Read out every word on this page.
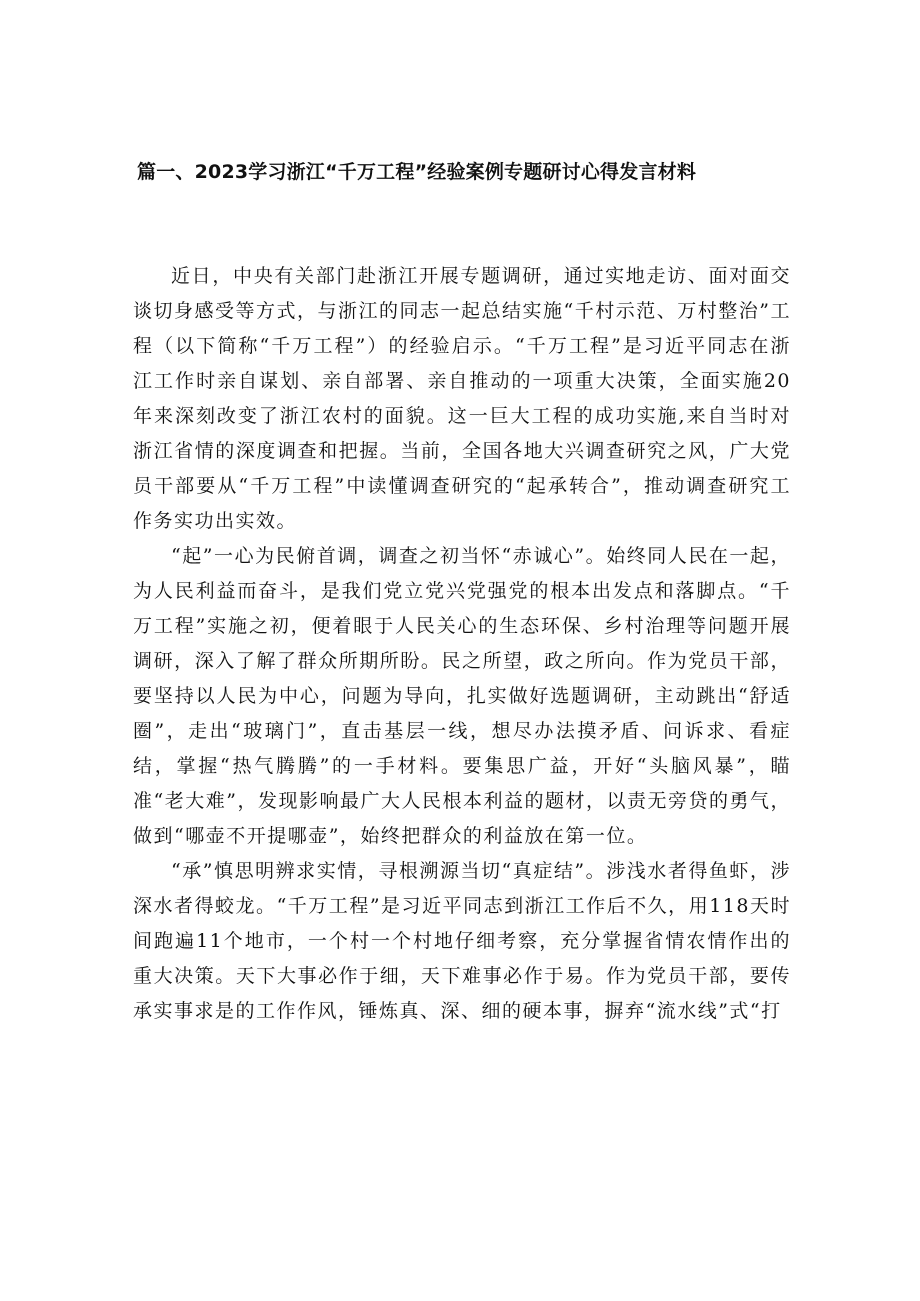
篇一、2023学习浙江“千万工程”经验案例专题研讨心得发言材料

近日，中央有关部门赴浙江开展专题调研，通过实地走访、面对面交谈切身感受等方式，与浙江的同志一起总结实施“千村示范、万村整治”工程（以下简称“千万工程”）的经验启示。“千万工程”是习近平同志在浙江工作时亲自谋划、亲自部署、亲自推动的一项重大决策，全面实施20年来深刻改变了浙江农村的面貌。这一巨大工程的成功实施,来自当时对浙江省情的深度调查和把握。当前，全国各地大兴调查研究之风，广大党员干部要从“千万工程”中读懂调查研究的“起承转合”，推动调查研究工作务实功出实效。

“起”一心为民俯首调，调查之初当怀“赤诚心”。始终同人民在一起，为人民利益而奋斗，是我们党立党兴党强党的根本出发点和落脚点。“千万工程”实施之初，便着眼于人民关心的生态环保、乡村治理等问题开展调研，深入了解了群众所期所盼。民之所望，政之所向。作为党员干部，要坚持以人民为中心，问题为导向，扎实做好选题调研，主动跳出“舒适圈”，走出“玻璃门”，直击基层一线，想尽办法摸矛盾、问诉求、看症结，掌握“热气腾腾”的一手材料。要集思广益，开好“头脑风暴”，瞄准“老大难”，发现影响最广大人民根本利益的题材，以责无旁贷的勇气，做到“哪壶不开提哪壶”，始终把群众的利益放在第一位。

“承”慎思明辨求实情，寻根溯源当切“真症结”。涉浅水者得鱼虾，涉深水者得蛟龙。“千万工程”是习近平同志到浙江工作后不久，用118天时间跑遍11个地市，一个村一个村地仔细考察，充分掌握省情农情作出的重大决策。天下大事必作于细，天下难事必作于易。作为党员干部，要传承实事求是的工作作风，锤炼真、深、细的硬本事，摒弃“流水线”式“打
